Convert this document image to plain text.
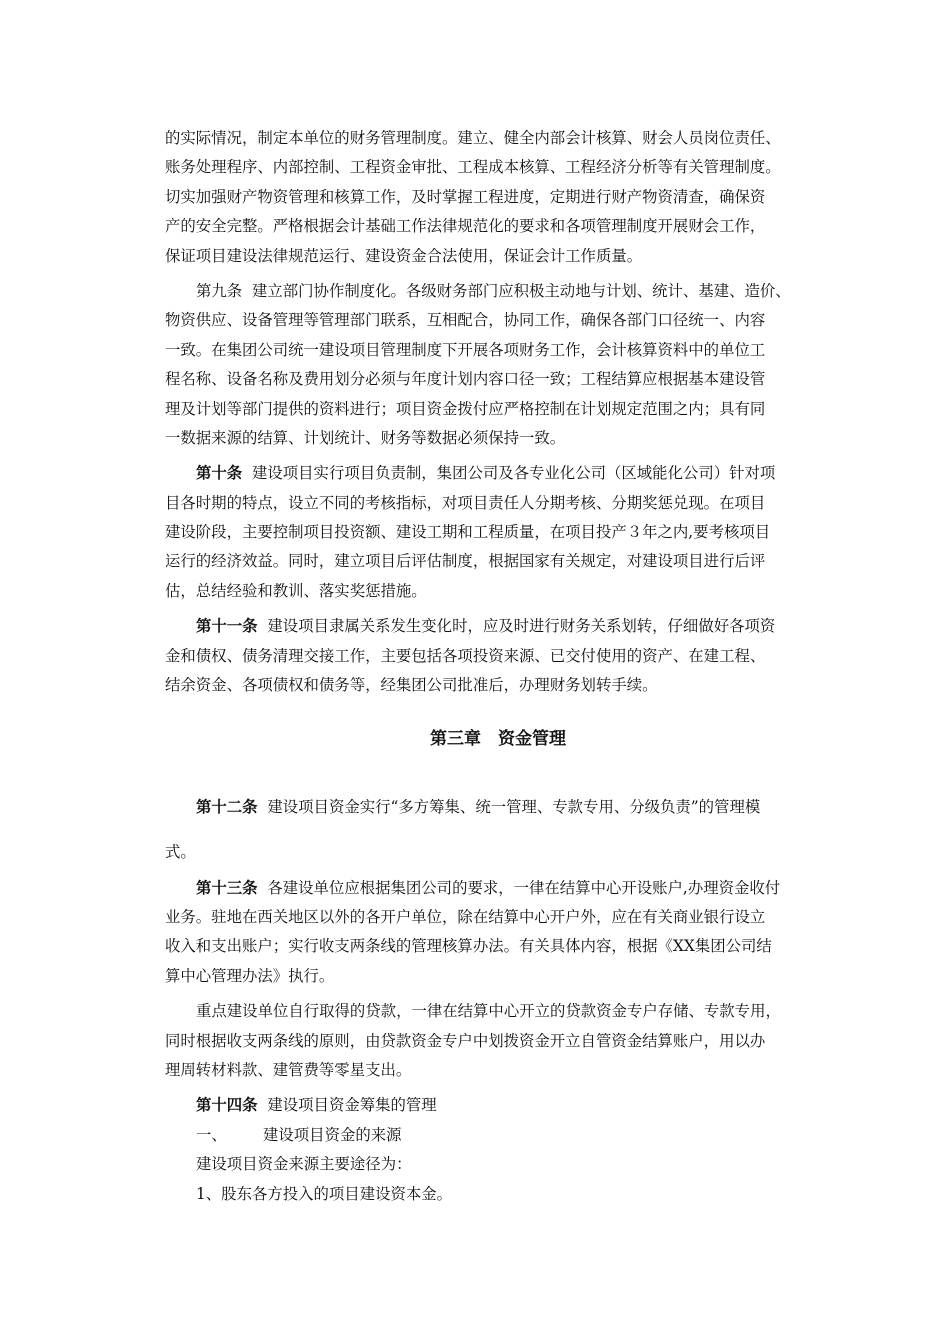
的实际情况，制定本单位的财务管理制度。建立、健全内部会计核算、财会人员岗位责任、
账务处理程序、内部控制、工程资金审批、工程成本核算、工程经济分析等有关管理制度。
切实加强财产物资管理和核算工作，及时掌握工程进度，定期进行财产物资清查，确保资
产的安全完整。严格根据会计基础工作法律规范化的要求和各项管理制度开展财会工作，
保证项目建设法律规范运行、建设资金合法使用，保证会计工作质量。
第九条 建立部门协作制度化。各级财务部门应积极主动地与计划、统计、基建、造价、
物资供应、设备管理等管理部门联系，互相配合，协同工作，确保各部门口径统一、内容
一致。在集团公司统一建设项目管理制度下开展各项财务工作，会计核算资料中的单位工
程名称、设备名称及费用划分必须与年度计划内容口径一致；工程结算应根据基本建设管
理及计划等部门提供的资料进行；项目资金拨付应严格控制在计划规定范围之内；具有同
一数据来源的结算、计划统计、财务等数据必须保持一致。
第十条 建设项目实行项目负责制，集团公司及各专业化公司（区域能化公司）针对项
目各时期的特点，设立不同的考核指标，对项目责任人分期考核、分期奖惩兑现。在项目
建设阶段，主要控制项目投资额、建设工期和工程质量，在项目投产３年之内,要考核项目
运行的经济效益。同时，建立项目后评估制度，根据国家有关规定，对建设项目进行后评
估，总结经验和教训、落实奖惩措施。
第十一条 建设项目隶属关系发生变化时，应及时进行财务关系划转，仔细做好各项资
金和债权、债务清理交接工作，主要包括各项投资来源、已交付使用的资产、在建工程、
结余资金、各项债权和债务等，经集团公司批准后，办理财务划转手续。
第三章　资金管理
第十二条 建设项目资金实行“多方筹集、统一管理、专款专用、分级负责”的管理模
式。
第十三条 各建设单位应根据集团公司的要求，一律在结算中心开设账户,办理资金收付
业务。驻地在西关地区以外的各开户单位，除在结算中心开户外，应在有关商业银行设立
收入和支出账户；实行收支两条线的管理核算办法。有关具体内容，根据《XX集团公司结
算中心管理办法》执行。
重点建设单位自行取得的贷款，一律在结算中心开立的贷款资金专户存储、专款专用，
同时根据收支两条线的原则，由贷款资金专户中划拨资金开立自管资金结算账户，用以办
理周转材料款、建管费等零星支出。
第十四条 建设项目资金筹集的管理
一、 建设项目资金的来源
建设项目资金来源主要途径为：
1、股东各方投入的项目建设资本金。
